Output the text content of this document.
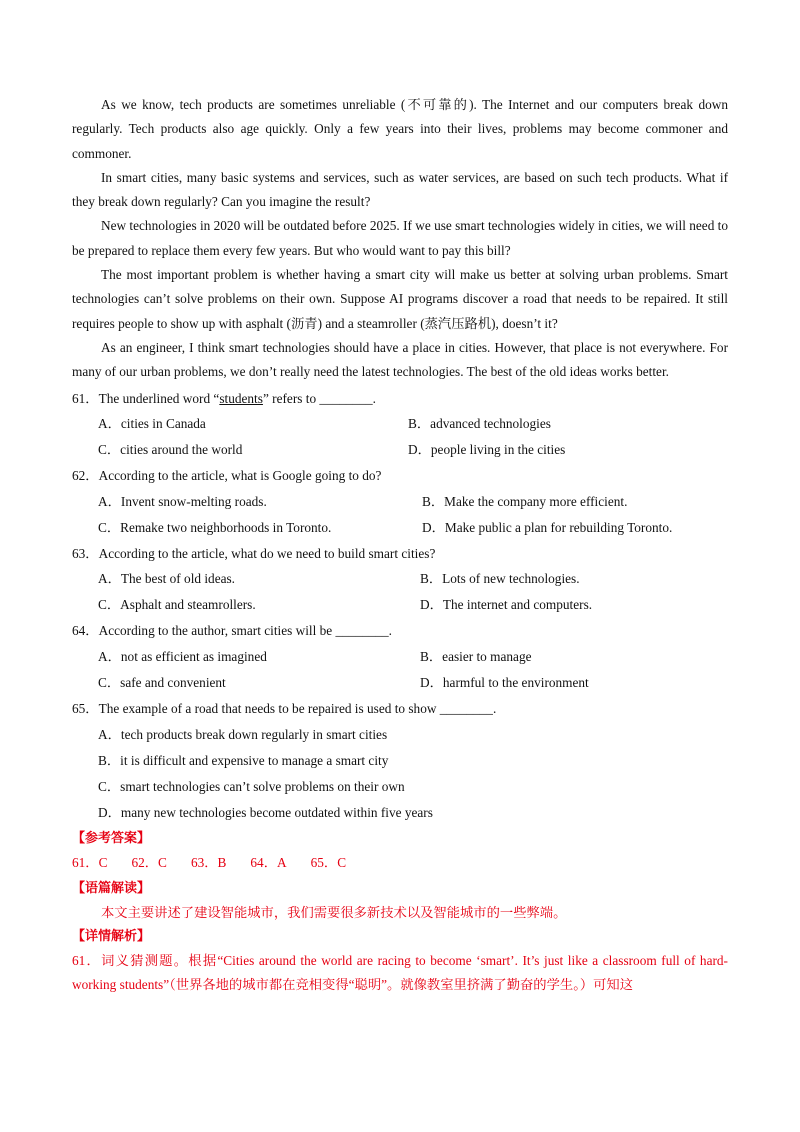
As we know, tech products are sometimes unreliable (不可靠的). The Internet and our computers break down regularly. Tech products also age quickly. Only a few years into their lives, problems may become commoner and commoner.

In smart cities, many basic systems and services, such as water services, are based on such tech products. What if they break down regularly? Can you imagine the result?

New technologies in 2020 will be outdated before 2025. If we use smart technologies widely in cities, we will need to be prepared to replace them every few years. But who would want to pay this bill?

The most important problem is whether having a smart city will make us better at solving urban problems. Smart technologies can’t solve problems on their own. Suppose AI programs discover a road that needs to be repaired. It still requires people to show up with asphalt (沥青) and a steamroller (蒸汽压路机), doesn’t it?

As an engineer, I think smart technologies should have a place in cities. However, that place is not everywhere. For many of our urban problems, we don’t really need the latest technologies. The best of the old ideas works better.

61．The underlined word “students” refers to ________.
A．cities in Canada	B．advanced technologies
C．cities around the world	D．people living in the cities
62．According to the article, what is Google going to do?
A．Invent snow-melting roads.	B．Make the company more efficient.
C．Remake two neighborhoods in Toronto.	D．Make public a plan for rebuilding Toronto.
63．According to the article, what do we need to build smart cities?
A．The best of old ideas.	B．Lots of new technologies.
C．Asphalt and steamrollers.	D．The internet and computers.
64．According to the author, smart cities will be ________.
A．not as efficient as imagined	B．easier to manage
C．safe and convenient	D．harmful to the environment
65．The example of a road that needs to be repaired is used to show ________.
A．tech products break down regularly in smart cities
B．it is difficult and expensive to manage a smart city
C．smart technologies can’t solve problems on their own
D．many new technologies become outdated within five years
【参考答案】
61．C 62．C 63．B 64．A 65．C
【语篇解读】

本文主要讲述了建设智能城市，我们需要很多新技术以及智能城市的一些弊端。

【详情解析】

61．词义猜测题。根据“Cities around the world are racing to become ‘smart’. It’s just like a classroom full of hard-working students”（世界各地的城市都在竞相变得“聪明”。就像教室里挤满了勤奋的学生。）可知这
